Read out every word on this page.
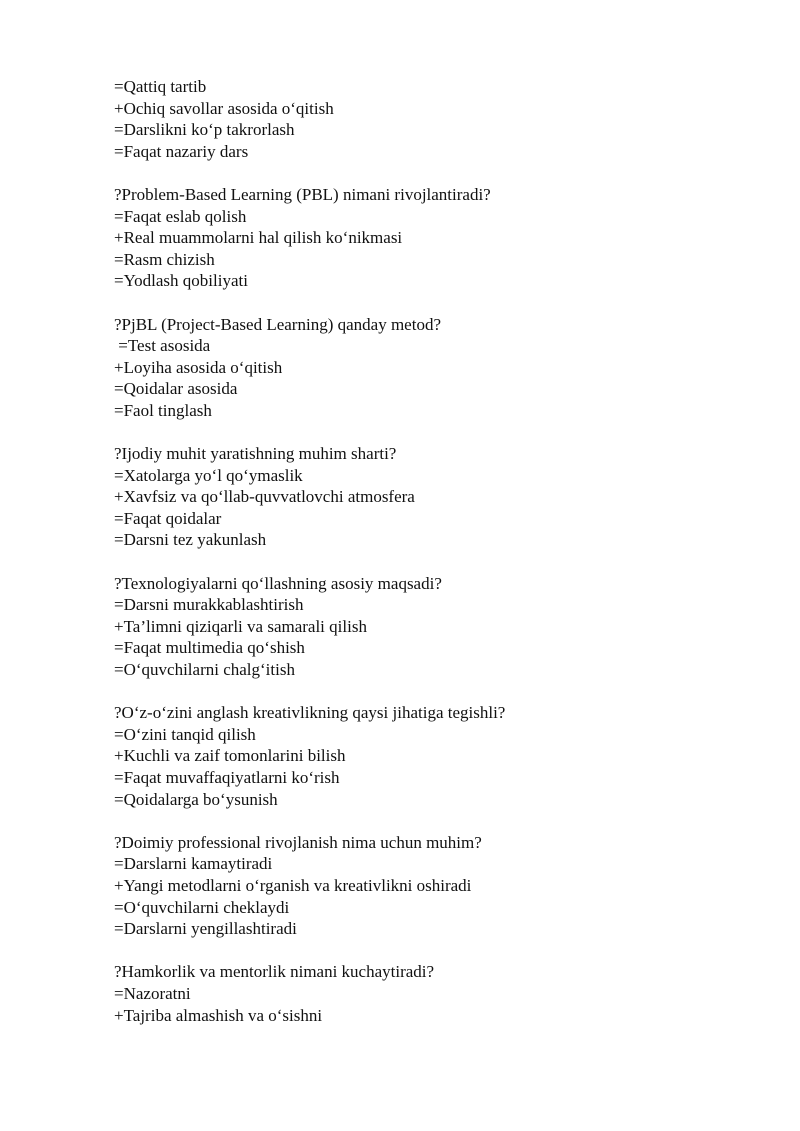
=Qattiq tartib
+Ochiq savollar asosida o‘qitish
=Darslikni ko‘p takrorlash
=Faqat nazariy dars
?Problem-Based Learning (PBL) nimani rivojlantiradi?
=Faqat eslab qolish
+Real muammolarni hal qilish ko‘nikmasi
=Rasm chizish
=Yodlash qobiliyati
?PjBL (Project-Based Learning) qanday metod?
=Test asosida
+Loyiha asosida o‘qitish
=Qoidalar asosida
=Faol tinglash
?Ijodiy muhit yaratishning muhim sharti?
=Xatolarga yo‘l qo‘ymaslik
+Xavfsiz va qo‘llab-quvvatlovchi atmosfera
=Faqat qoidalar
=Darsni tez yakunlash
?Texnologiyalarni qo‘llashning asosiy maqsadi?
=Darsni murakkablashtirish
+Ta’limni qiziqarli va samarali qilish
=Faqat multimedia qo‘shish
=O‘quvchilarni chalg‘itish
?O‘z-o‘zini anglash kreativlikning qaysi jihatiga tegishli?
=O‘zini tanqid qilish
+Kuchli va zaif tomonlarini bilish
=Faqat muvaffaqiyatlarni ko‘rish
=Qoidalarga bo‘ysunish
?Doimiy professional rivojlanish nima uchun muhim?
=Darslarni kamaytiradi
+Yangi metodlarni o‘rganish va kreativlikni oshiradi
=O‘quvchilarni cheklaydi
=Darslarni yengillashtiradi
?Hamkorlik va mentorlik nimani kuchaytiradi?
=Nazoratni
+Tajriba almashish va o‘sishni
